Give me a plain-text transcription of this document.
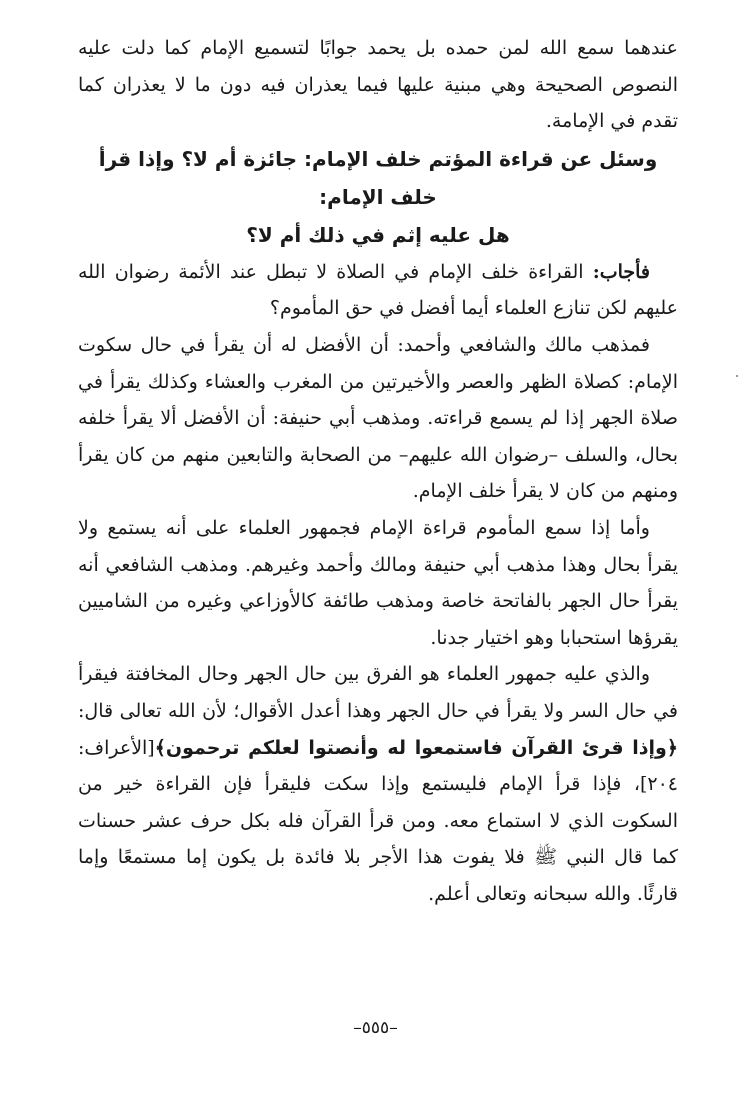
عندهما سمع الله لمن حمده بل يحمد جوابًا لتسميع الإمام كما دلت عليه النصوص الصحيحة وهي مبنية عليها فيما يعذران فيه دون ما لا يعذران كما تقدم في الإمامة.

وسئل عن قراءة المؤتم خلف الإمام: جائزة أم لا؟ وإذا قرأ خلف الإمام:

هل عليه إثم في ذلك أم لا؟

فأجاب: القراءة خلف الإمام في الصلاة لا تبطل عند الأئمة رضوان الله عليهم لكن تنازع العلماء أيما أفضل في حق المأموم؟

فمذهب مالك والشافعي وأحمد: أن الأفضل له أن يقرأ في حال سكوت الإمام: كصلاة الظهر والعصر والأخيرتين من المغرب والعشاء وكذلك يقرأ في صلاة الجهر إذا لم يسمع قراءته. ومذهب أبي حنيفة: أن الأفضل ألا يقرأ خلفه بحال، والسلف –رضوان الله عليهم– من الصحابة والتابعين منهم من كان يقرأ ومنهم من كان لا يقرأ خلف الإمام.

وأما إذا سمع المأموم قراءة الإمام فجمهور العلماء على أنه يستمع ولا يقرأ بحال وهذا مذهب أبي حنيفة ومالك وأحمد وغيرهم. ومذهب الشافعي أنه يقرأ حال الجهر بالفاتحة خاصة ومذهب طائفة كالأوزاعي وغيره من الشاميين يقرؤها استحبابا وهو اختيار جدنا.

والذي عليه جمهور العلماء هو الفرق بين حال الجهر وحال المخافتة فيقرأ في حال السر ولا يقرأ في حال الجهر وهذا أعدل الأقوال؛ لأن الله تعالى قال: ﴿وإذا قرئ القرآن فاستمعوا له وأنصتوا لعلكم ترحمون﴾[الأعراف: ٢٠٤]، فإذا قرأ الإمام فليستمع وإذا سكت فليقرأ فإن القراءة خير من السكوت الذي لا استماع معه. ومن قرأ القرآن فله بكل حرف عشر حسنات كما قال النبي ﷺ فلا يفوت هذا الأجر بلا فائدة بل يكون إما مستمعًا وإما قارئًا. والله سبحانه وتعالى أعلم.

–٥٥٥–
